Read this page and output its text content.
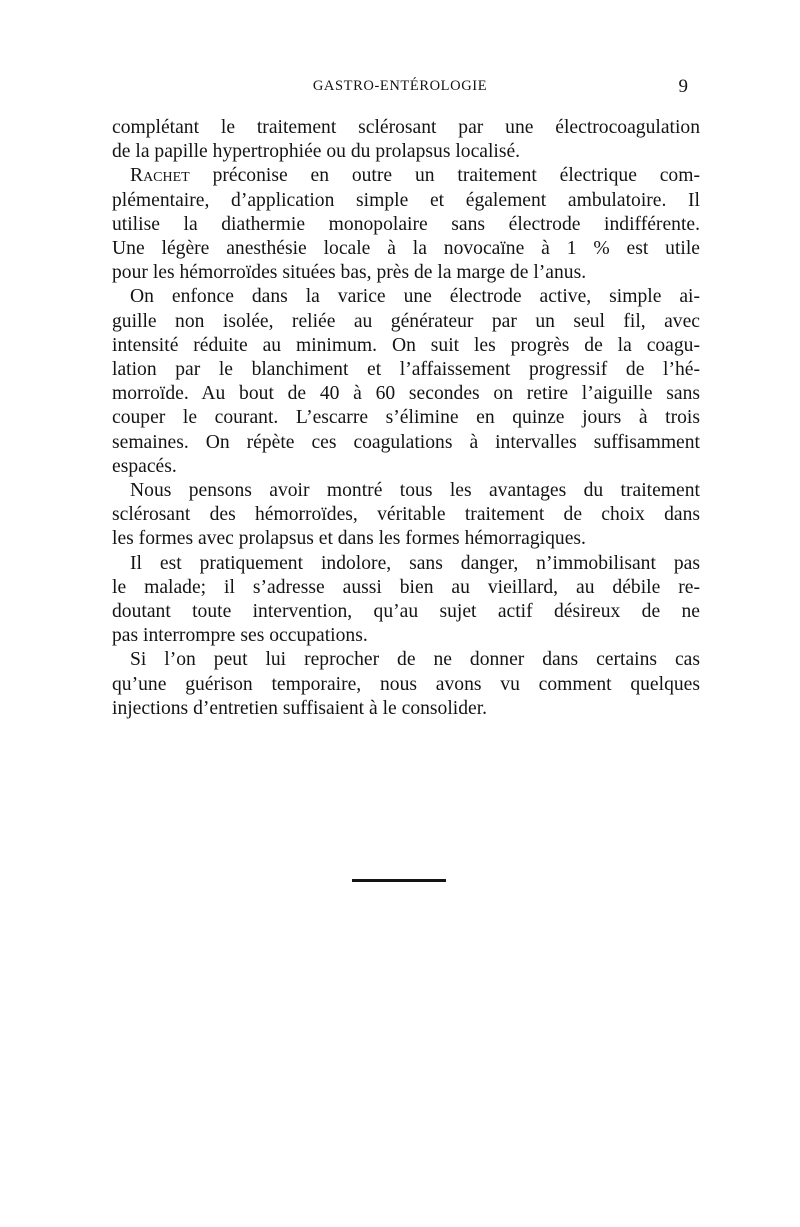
GASTRO-ENTÉROLOGIE	9
complétant le traitement sclérosant par une électrocoagulation
de la papille hypertrophiée ou du prolapsus localisé.
Rachet préconise en outre un traitement électrique com-
plémentaire, d’application simple et également ambulatoire. Il
utilise la diathermie monopolaire sans électrode indifférente.
Une légère anesthésie locale à la novocaïne à 1 % est utile
pour les hémorroïdes situées bas, près de la marge de l’anus.
On enfonce dans la varice une électrode active, simple ai-
guille non isolée, reliée au générateur par un seul fil, avec
intensité réduite au minimum. On suit les progrès de la coagu-
lation par le blanchiment et l’affaissement progressif de l’hé-
morroïde. Au bout de 40 à 60 secondes on retire l’aiguille sans
couper le courant. L’escarre s’élimine en quinze jours à trois
semaines. On répète ces coagulations à intervalles suffisamment
espacés.
Nous pensons avoir montré tous les avantages du traitement
sclérosant des hémorroïdes, véritable traitement de choix dans
les formes avec prolapsus et dans les formes hémorragiques.
Il est pratiquement indolore, sans danger, n’immobilisant pas
le malade; il s’adresse aussi bien au vieillard, au débile re-
doutant toute intervention, qu’au sujet actif désireux de ne
pas interrompre ses occupations.
Si l’on peut lui reprocher de ne donner dans certains cas
qu’une guérison temporaire, nous avons vu comment quelques
injections d’entretien suffisaient à le consolider.
